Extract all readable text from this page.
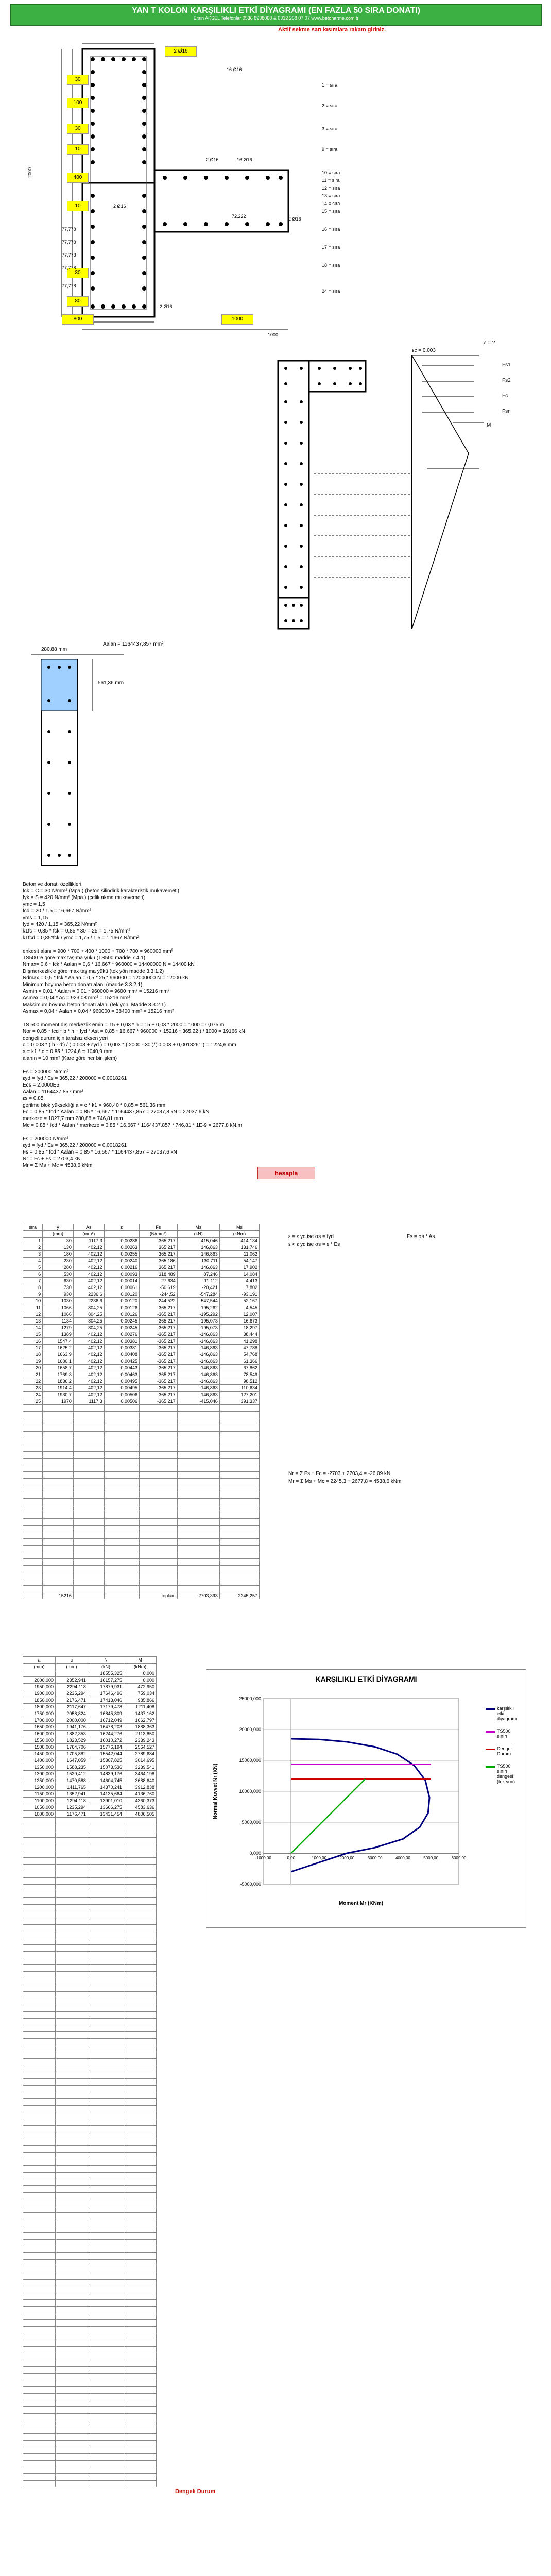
YAN T KOLON KARŞILIKLI ETKİ DİYAGRAMI (EN FAZLA 50 SIRA DONATI)
Ersin AKSEL Telefonlar 0536 8938068 & 0312 268 07 07 www.betonarme.com.tr
Aktif sekme sarı kısımlara rakam giriniz.
30
100
30
10
400
10
30
80
2 Ø16
800	1000
2000
1000
77,778
77,778
77,778
77,778
77,778
72,222
16 Ø16
2 Ø16	16 Ø16
2 Ø16
2 Ø16
2 Ø16
1 = sıra
2 = sıra
3 = sıra
9 = sıra
10 = sıra
11 = sıra
12 = sıra
13 = sıra
14 = sıra
15 = sıra
16 = sıra
17 = sıra
18 = sıra
24 = sıra
εc = 0,003
ε = ?
Fs1
Fs2
Fc
Fsn
M
Aalan = 1164437,857 mm²
280,88 mm
561,36 mm
Beton ve donatı özellikleri
fck = C = 30 N/mm² (Mpa.) (beton silindirik karakteristik mukavemeti)
fyk = S = 420 N/mm² (Mpa.) (çelik akma mukavemeti)
γmc = 1,5
fcd = 20 / 1,5 = 16,667 N/mm²
γms = 1,15
fyd = 420 / 1,15 = 365,22 N/mm²
k1fc = 0,85 * fck = 0,85 * 30 = 25 = 1,75 N/mm²
k1fcd = 0,85*fck / γmc = 1,75 / 1,5 = 1,1667 N/mm²

enkesit alanı = 900 * 700 + 400 * 1000 + 700 * 700 = 960000 mm²
TS500 'e göre max taşıma yükü (TS500 madde 7.4.1)
Nmax= 0,6 * fck * Aalan = 0,6 * 16,667 * 960000 = 14400000 N = 14400 kN
Dışmerkezlik'e göre max taşıma yükü (tek yön madde 3.3.1.2)
Ndmax = 0,5 * fck * Aalan = 0,5 * 25 * 960000 = 12000000 N = 12000 kN
Minimum boyuna beton donatı alanı (madde 3.3.2.1)
Asmin = 0,01 * Aalan = 0,01 * 960000 = 9600 mm² = 15216 mm²
Asmax = 0,04 * Ac = 923,08 mm² = 15216 mm²
Maksimum boyuna beton donatı alanı (tek yön, Madde 3.3.2.1)
Asmax = 0,04 * Aalan = 0,04 * 960000 = 38400 mm² = 15216 mm²

TS 500 moment dış merkezlik emin = 15 + 0,03 * h = 15 + 0,03 * 2000 = 1000 = 0,075 m
Nor = 0,85 * fcd * b * h + fyd * Ast = 0,85 * 16,667 * 960000 + 15216 * 365,22 ) / 1000 = 19166 kN
dengeli durum için tarafsız eksen yeri
c = 0,003 * ( h - d') / ( 0,003 + εyd ) = 0,003 * ( 2000 - 30 )/( 0,003 + 0,0018261 ) = 1224,6 mm
a = k1 * c = 0,85 * 1224,6 = 1040,9 mm
alanın = 10 mm² (Kare göre her bir işlem)

Es = 200000 N/mm²
εyd = fyd / Es = 365,22 / 200000 = 0,0018261
Ecs = 2,0000E5
Aalan = 1164437,857 mm²
εs = 0,85
gerilme blok yüksekliği a = c * k1 = 960,40 * 0,85 = 561,36 mm
Fc = 0,85 * fcd * Aalan = 0,85 * 16,667 * 1164437,857 = 27037,8 kN = 27037,6 kN
merkeze = 1027,7 mm 280,88 = 746,81 mm
Mc = 0,85 * fcd * Aalan * merkeze = 0,85 * 16,667 * 1164437,857 * 746,81 * 1E-9 = 2677,8 kN.m

Fs = 200000 N/mm²
εyd = fyd / Es = 365,22 / 200000 = 0,0018261
Fs = 0,85 * fcd * Aalan = 0,85 * 16,667 * 1164437,857 = 27037,6 kN
Nr = Fc + Fs = 2703,4 kN
Mr = Σ Ms + Mc = 4538,6 kNm
hesapla
ε = ε yd ise σs = fyd
ε < ε yd ise σs = ε * Es
Fs = σs * As
Nr = Σ Fs + Fc = -2703 + 2703,4 = -26,09 kN
Mr = Σ Ms + Mc = 2245,3 + 2677,8 = 4538,6 kNm
sıra	y	As	ε	Fs	Ms	Ms
	(mm)	(mm²)		(N/mm²)	(kN)	(kNm)
1	30	1117,3	0,00286	365,217	415,046	414,134
2	130	402,12	0,00263	365,217	146,863	131,746
3	180	402,12	0,00255	365,217	146,863	11,062
4	230	402,12	0,00240	365,186	130,711	54,147
5	280	402,12	0,00216	365,217	146,863	17,902
6	530	402,12	0,00093	318,489	87,246	14,084
7	630	402,12	0,00014	27,634	11,112	4,413
8	730	402,12	0,00061	-50,619	-20,421	7,802
9	930	2236,6	0,00120	-244,52	-547,284	-93,191
10	1030	2236,6	0,00120	-244,522	-547,544	52,167
11	1066	804,25	0,00126	-365,217	-195,262	4,545
12	1066	804,25	0,00126	-365,217	-195,292	12,007
13	1134	804,25	0,00245	-365,217	-195,073	16,673
14	1279	804,25	0,00245	-365,217	-195,073	18,297
15	1389	402,12	0,00276	-365,217	-146,863	38,444
16	1547,4	402,12	0,00381	-365,217	-146,863	41,298
17	1625,2	402,12	0,00381	-365,217	-146,863	47,788
18	1663,9	402,12	0,00408	-365,217	-146,863	54,768
19	1680,1	402,12	0,00425	-365,217	-146,863	61,366
20	1658,7	402,12	0,00443	-365,217	-146,863	67,862
21	1769,3	402,12	0,00463	-365,217	-146,863	78,549
22	1836,2	402,12	0,00495	-365,217	-146,863	98,512
23	1914,4	402,12	0,00495	-365,217	-146,863	110,634
24	1930,7	402,12	0,00506	-365,217	-146,863	127,201
25	1970	1117,3	0,00506	-365,217	-415,046	391,337

	15216			toplam	-2703,393	2245,257
a	c	N	M
(mm)	(mm)	(kN)	(kNm)
		18555,325	0,000
2000,000	2352,941	16157,275	0,000
1950,000	2294,118	17879,931	472,950
1900,000	2235,294	17646,496	759,034
1850,000	2176,471	17413,046	985,866
1800,000	2117,647	17179,478	1211,408
1750,000	2058,824	16845,809	1437,162
1700,000	2000,000	16712,049	1662,797
1650,000	1941,176	16478,203	1888,363
1600,000	1882,353	16244,276	2113,850
1550,000	1823,529	16010,272	2339,243
1500,000	1764,706	15776,194	2564,527
1450,000	1705,882	15542,044	2789,684
1400,000	1647,059	15307,825	3014,695
1350,000	1588,235	15073,536	3239,541
1300,000	1529,412	14839,176	3464,198
1250,000	1470,588	14604,745	3688,640
1200,000	1411,765	14370,241	3912,838
1150,000	1352,941	14135,664	4136,760
1100,000	1294,118	13901,010	4360,373
1050,000	1235,294	13666,275	4583,636
1000,000	1176,471	13431,454	4806,505

Dengeli Durum
KARŞILIKLI ETKİ DİYAGRAMI
-5000,000
0,000
5000,000
10000,000
15000,000
20000,000
25000,000
-1000,00	0,00	1000,00	2000,00	3000,00	4000,00	5000,00	6000,00
Moment Mr (KNm)
Normal Kuvvet Nr (KN)
karşılıklı etki diyagramı
TS500 sınırı
Dengeli Durum
TS500 sınırı dengesi (tek yön)
